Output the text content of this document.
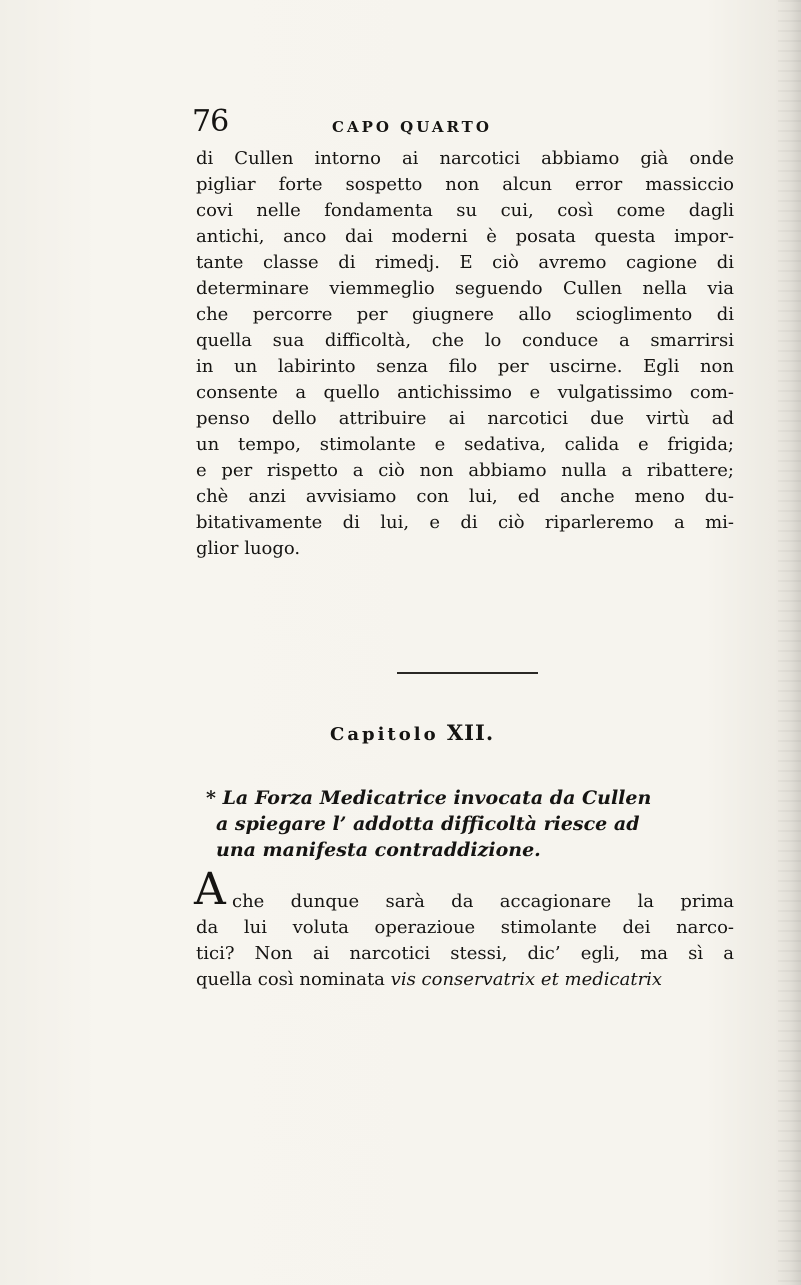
76	CAPO QUARTO
di Cullen intorno ai narcotici abbiamo già onde
pigliar forte sospetto non alcun error massiccio
covi nelle fondamenta su cui, così come dagli
antichi, anco dai moderni è posata questa impor-
tante classe di rimedj. E ciò avremo cagione di
determinare viemmeglio seguendo Cullen nella via
che percorre per giugnere allo scioglimento di
quella sua difficoltà, che lo conduce a smarrirsi
in un labirinto senza filo per uscirne. Egli non
consente a quello antichissimo e vulgatissimo com-
penso dello attribuire ai narcotici due virtù ad
un tempo, stimolante e sedativa, calida e frigida;
e per rispetto a ciò non abbiamo nulla a ribattere;
chè anzi avvisiamo con lui, ed anche meno du-
bitativamente di lui, e di ciò riparleremo a mi-
glior luogo.
Capitolo XII.
* La Forza Medicatrice invocata da Cullen
a spiegare l’ addotta difficoltà riesce ad
una manifesta contraddizione.
A che dunque sarà da accagionare la prima
da lui voluta operazioue stimolante dei narco-
tici? Non ai narcotici stessi, dic’ egli, ma sì a
quella così nominata vis conservatrix et medicatrix
